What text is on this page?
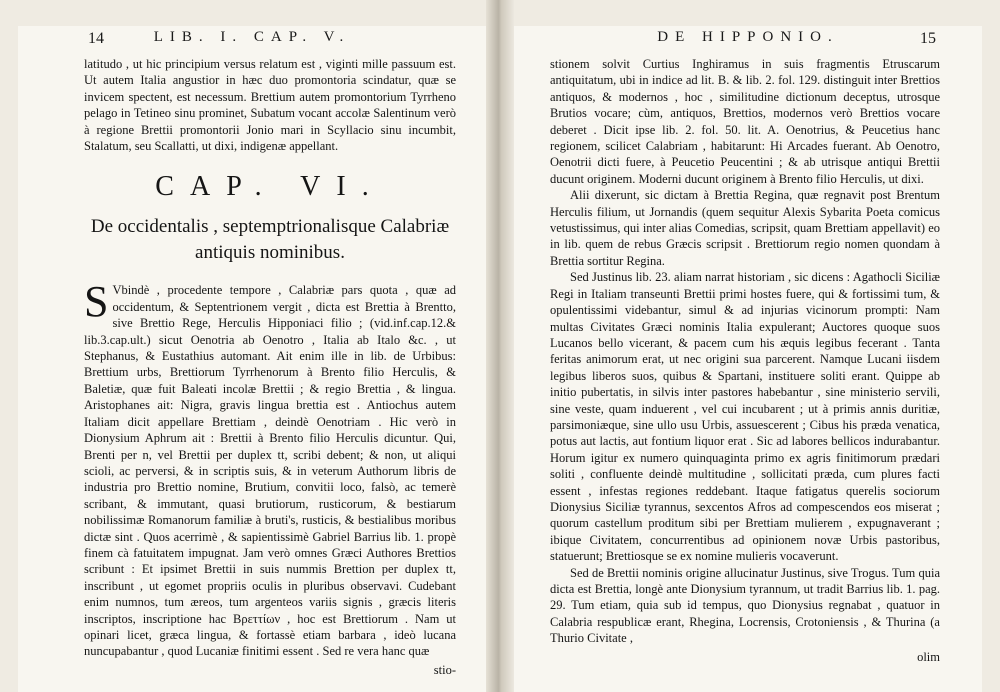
14	LIB. I. CAP. V.

latitudo , ut hic principium versus relatum est , viginti mille passuum est. Ut autem Italia angustior in hæc duo promontoria scindatur, quæ se invicem spectent, est necessum. Brettium autem promontorium Tyrrheno pelago in Tetineo sinu prominet, Subatum vocant accolæ Salentinum verò à regione Brettii promontorii Jonio mari in Scyllacio sinu incumbit, Stalatum, seu Scallatti, ut dixi, indigenæ appellant.

CAP. VI.
De occidentalis , septemptrionalisque Calabriæ antiquis nominibus.

S Vbindè , procedente tempore , Calabriæ pars quota , quæ ad occidentum, & Septentrionem vergit , dicta est Brettia à Brentto, sive Brettio Rege, Herculis Hipponiaci filio ; (vid.inf.cap.12.& lib.3.cap.ult.) sicut Oenotria ab Oenotro , Italia ab Italo &c. , ut Stephanus, & Eustathius automant. Ait enim ille in lib. de Urbibus: Brettium urbs, Brettiorum Tyrrhenorum à Brento filio Herculis, & Baletiæ, quæ fuit Baleati incolæ Brettii ; & regio Brettia , & lingua. Aristophanes ait: Nigra, gravis lingua brettia est . Antiochus autem Italiam dicit appellare Brettiam , deindè Oenotriam . Hic verò in Dionysium Aphrum ait : Brettii à Brento filio Herculis dicuntur. Qui, Brenti per n, vel Brettii per duplex tt, scribi debent; & non, ut aliqui scioli, ac perversi, & in scriptis suis, & in veterum Authorum libris de industria pro Brettio nomine, Brutium, convitii loco, falsò, ac temerè scribant, & immutant, quasi brutiorum, rusticorum, & bestiarum nobilissimæ Romanorum familiæ à bruti's, rusticis, & bestialibus moribus dictæ sint . Quos acerrimè , & sapientissimè Gabriel Barrius lib. 1. propè finem cà fatuitatem impugnat. Jam verò omnes Græci Authores Brettios scribunt : Et ipsimet Brettii in suis nummis Brettion per duplex tt, inscribunt , ut egomet propriis oculis in pluribus observavi. Cudebant enim numnos, tum æreos, tum argenteos variis signis , græcis literis inscriptos, inscriptione hac Βρεττίων , hoc est Brettiorum . Nam ut opinari licet, græca lingua, & fortassè etiam barbara , ideò lucana nuncupabantur , quod Lucaniæ finitimi essent . Sed re vera hanc quæ

stio-
DE HIPPONIO.	15

stionem solvit Curtius Inghiramus in suis fragmentis Etruscarum antiquitatum, ubi in indice ad lit. B. & lib. 2. fol. 129. distinguit inter Brettios antiquos, & modernos , hoc , similitudine dictionum deceptus, utrosque Brutios vocare; cùm, antiquos, Brettios, modernos verò Brettios vocare deberet . Dicit ipse lib. 2. fol. 50. lit. A. Oenotrius, & Peucetius hanc regionem, scilicet Calabriam , habitarunt: Hi Arcades fuerant. Ab Oenotro, Oenotrii dicti fuere, à Peucetio Peucentini ; & ab utrisque antiqui Brettii ducunt originem. Moderni ducunt originem à Brento filio Herculis, ut dixi.

Alii dixerunt, sic dictam à Brettia Regina, quæ regnavit post Brentum Herculis filium, ut Jornandis (quem sequitur Alexis Sybarita Poeta comicus vetustissimus, qui inter alias Comedias, scripsit, quam Brettiam appellavit) eo in lib. quem de rebus Græcis scripsit . Brettiorum regio nomen quondam à Brettia sortitur Regina.

Sed Justinus lib. 23. aliam narrat historiam , sic dicens : Agathocli Siciliæ Regi in Italiam transeunti Brettii primi hostes fuere, qui & fortissimi tum, & opulentissimi videbantur, simul & ad injurias vicinorum prompti: Nam multas Civitates Græci nominis Italia expulerant; Auctores quoque suos Lucanos bello vicerant, & pacem cum his æquis legibus fecerant . Tanta feritas animorum erat, ut nec origini sua parcerent. Namque Lucani iisdem legibus liberos suos, quibus & Spartani, instituere soliti erant. Quippe ab initio pubertatis, in silvis inter pastores habebantur , sine ministerio servili, sine veste, quam induerent , vel cui incubarent ; ut à primis annis duritiæ, parsimoniæque, sine ullo usu Urbis, assuescerent ; Cibus his præda venatica, potus aut lactis, aut fontium liquor erat . Sic ad labores bellicos indurabantur. Horum igitur ex numero quinquaginta primo ex agris finitimorum prædari soliti , confluente deindè multitudine , sollicitati præda, cum plures facti essent , infestas regiones reddebant. Itaque fatigatus querelis sociorum Dionysius Siciliæ tyrannus, sexcentos Afros ad compescendos eos miserat ; quorum castellum proditum sibi per Brettiam mulierem , expugnaverant ; ibique Civitatem, concurrentibus ad opinionem novæ Urbis pastoribus, statuerunt; Brettiosque se ex nomine mulieris vocaverunt.

Sed de Brettii nominis origine allucinatur Justinus, sive Trogus. Tum quia dicta est Brettia, longè ante Dionysium tyrannum, ut tradit Barrius lib. 1. pag. 29. Tum etiam, quia sub id tempus, quo Dionysius regnabat , quatuor in Calabria respublicæ erant, Rhegina, Locrensis, Crotoniensis , & Thurina (a Thurio Civitate ,

olim
